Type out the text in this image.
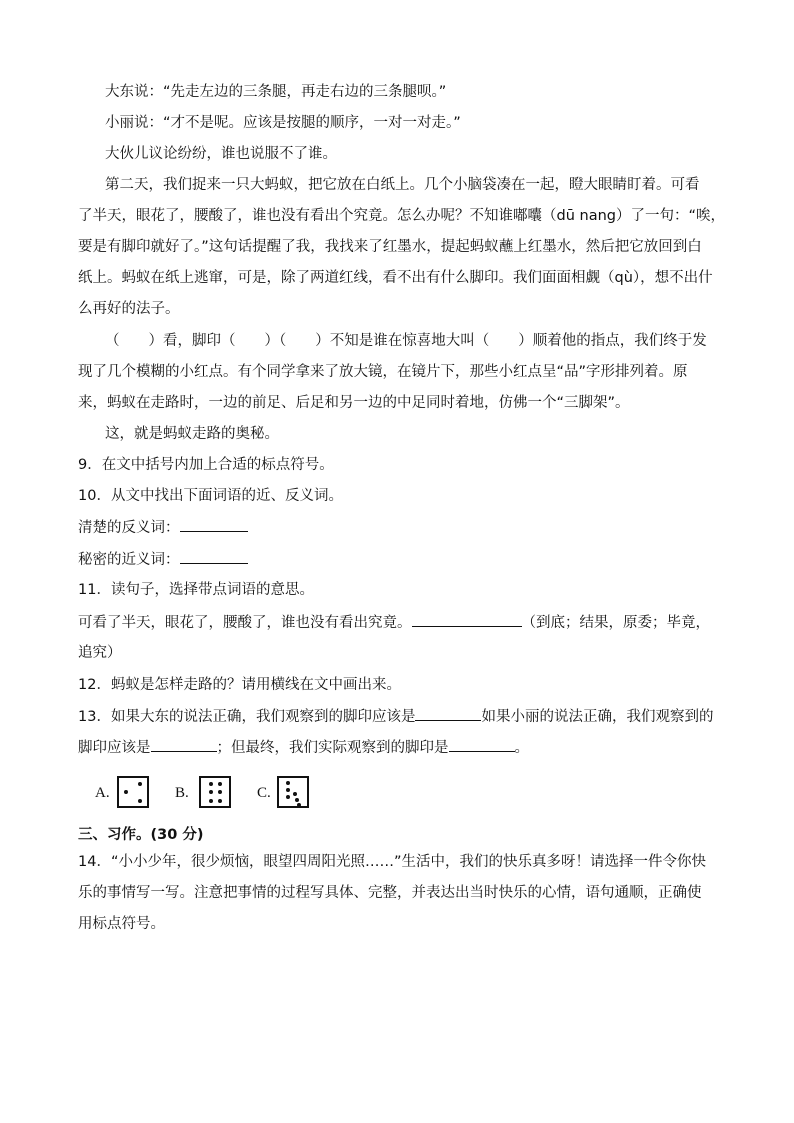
大东说：“先走左边的三条腿，再走右边的三条腿呗。”
小丽说：“才不是呢。应该是按腿的顺序，一对一对走。”
大伙儿议论纷纷，谁也说服不了谁。
第二天，我们捉来一只大蚂蚁，把它放在白纸上。几个小脑袋凑在一起，瞪大眼睛盯着。可看
了半天，眼花了，腰酸了，谁也没有看出个究竟。怎么办呢？不知谁嘟囔（dū nang）了一句：“唉，
要是有脚印就好了。”这句话提醒了我，我找来了红墨水，提起蚂蚁蘸上红墨水，然后把它放回到白
纸上。蚂蚁在纸上逃窜，可是，除了两道红线，看不出有什么脚印。我们面面相觑（qù），想不出什
么再好的法子。
（　　）看，脚印（　　）（　　）不知是谁在惊喜地大叫（　　）顺着他的指点，我们终于发
现了几个模糊的小红点。有个同学拿来了放大镜，在镜片下，那些小红点呈“品”字形排列着。原
来，蚂蚁在走路时，一边的前足、后足和另一边的中足同时着地，仿佛一个“三脚架”。
这，就是蚂蚁走路的奥秘。
9．在文中括号内加上合适的标点符号。
10．从文中找出下面词语的近、反义词。
清楚的反义词：
秘密的近义词：
11．读句子，选择带点词语的意思。
可看了半天，眼花了，腰酸了，谁也没有看出究竟。	（到底；结果，原委；毕竟，
追究）
12．蚂蚁是怎样走路的？请用横线在文中画出来。
13．如果大东的说法正确，我们观察到的脚印应该是	如果小丽的说法正确，我们观察到的
脚印应该是	；但最终，我们实际观察到的脚印是	。
A.	B.	C.
三、习作。(30 分)
14．“小小少年，很少烦恼，眼望四周阳光照……”生活中，我们的快乐真多呀！请选择一件令你快
乐的事情写一写。注意把事情的过程写具体、完整，并表达出当时快乐的心情，语句通顺，正确使
用标点符号。
